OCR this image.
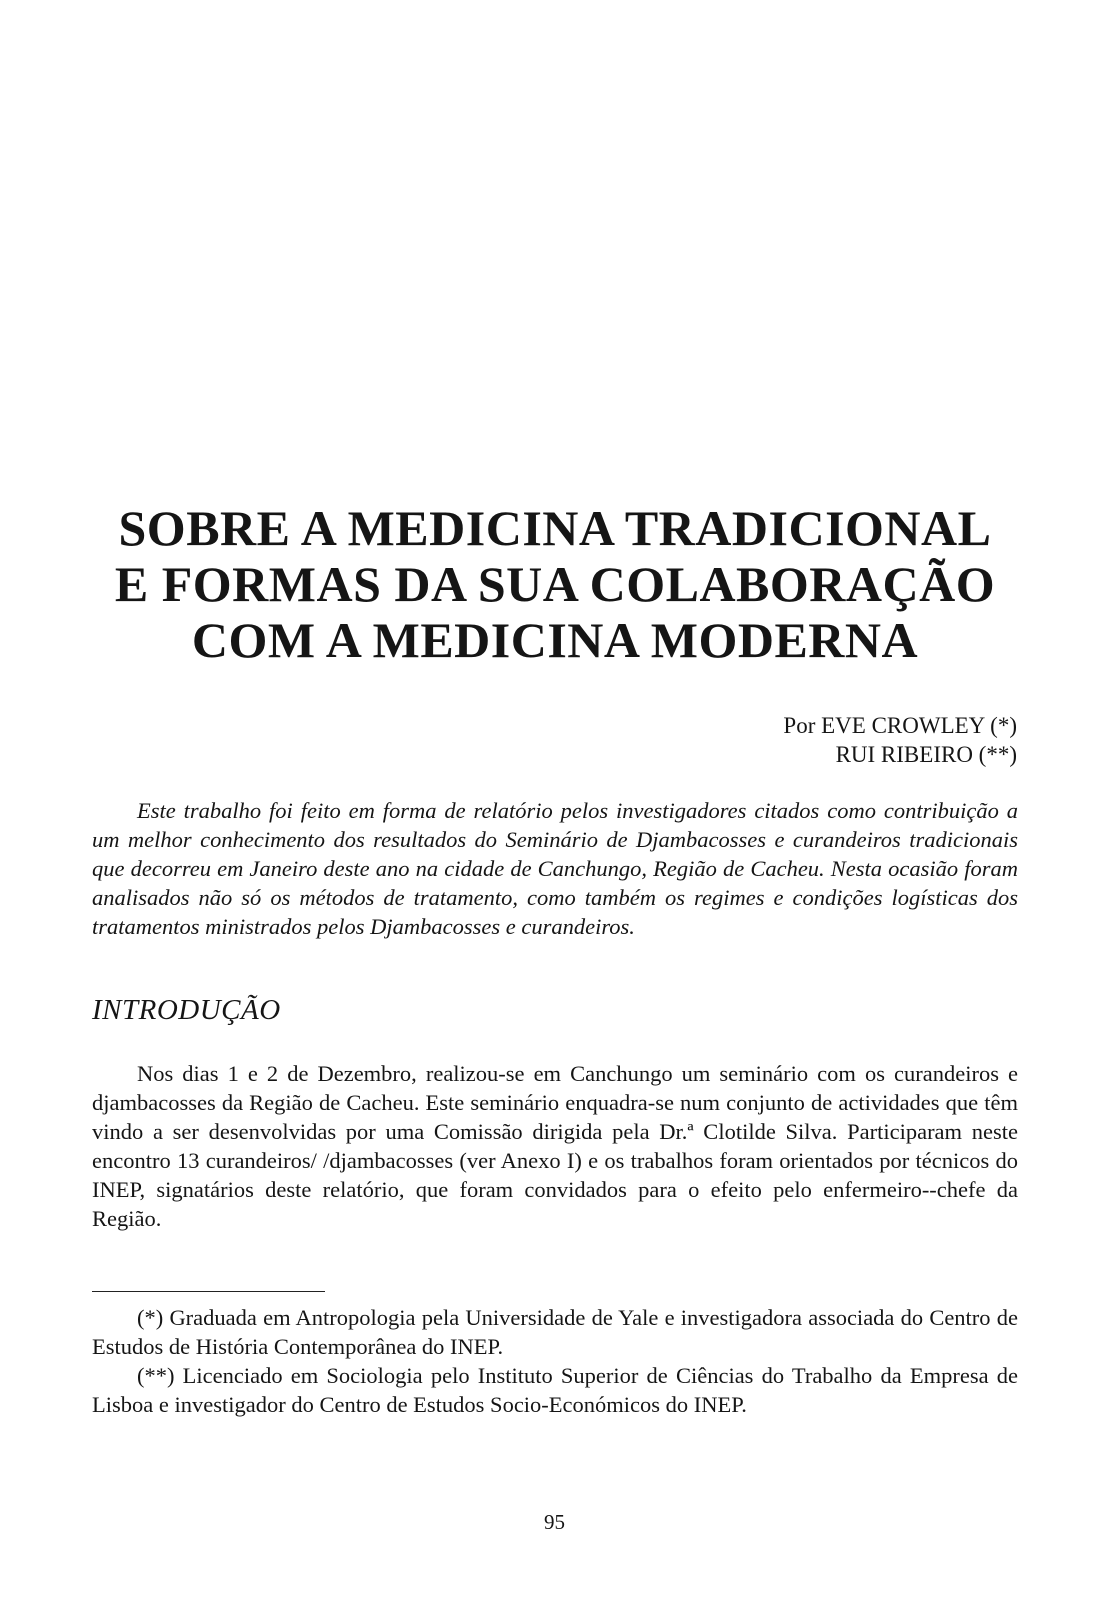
SOBRE A MEDICINA TRADICIONAL
E FORMAS DA SUA COLABORAÇÃO
COM A MEDICINA MODERNA
Por EVE CROWLEY (*)
RUI RIBEIRO (**)

Este trabalho foi feito em forma de relatório pelos investigadores citados como contribuição a um melhor conhecimento dos resultados do Seminário de Djambacosses e curandeiros tradicionais que decorreu em Janeiro deste ano na cidade de Canchungo, Região de Cacheu. Nesta ocasião foram analisados não só os métodos de tratamento, como também os regimes e condições logísticas dos tratamentos ministrados pelos Djambacosses e curandeiros.

INTRODUÇÃO

Nos dias 1 e 2 de Dezembro, realizou-se em Canchungo um seminário com os curandeiros e djambacosses da Região de Cacheu. Este seminário enquadra-se num conjunto de actividades que têm vindo a ser desenvolvidas por uma Comissão dirigida pela Dr.ª Clotilde Silva. Participaram neste encontro 13 curandeiros/ /djambacosses (ver Anexo I) e os trabalhos foram orientados por técnicos do INEP, signatários deste relatório, que foram convidados para o efeito pelo enfermeiro-⁠-chefe da Região.

(*) Graduada em Antropologia pela Universidade de Yale e investigadora associada do Centro de Estudos de História Contemporânea do INEP.

(**) Licenciado em Sociologia pelo Instituto Superior de Ciências do Trabalho da Empresa de Lisboa e investigador do Centro de Estudos Socio-Económicos do INEP.

95
